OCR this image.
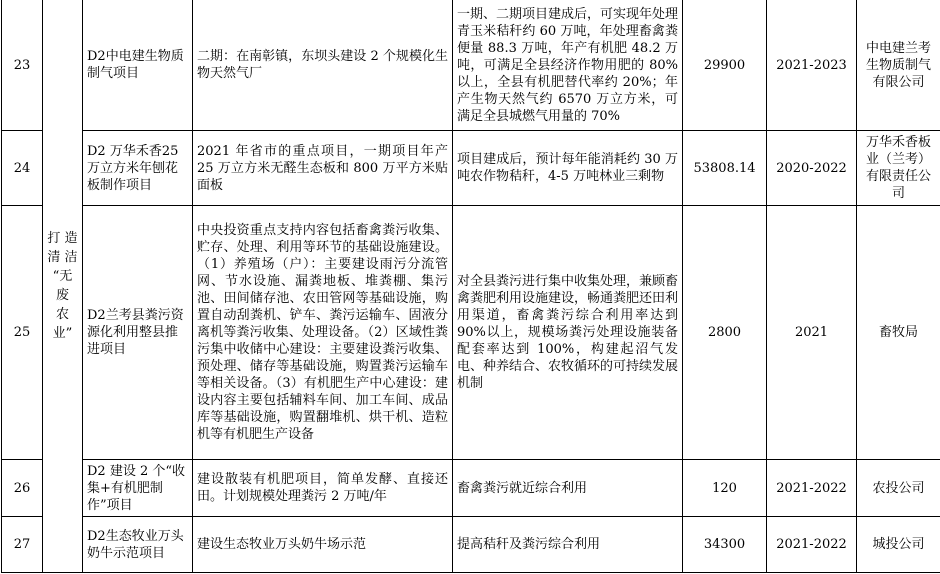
23	打 造
清 洁
“无废
农业”	D2中电建生物质制气项目	二期：在南彰镇，东坝头建设 2 个规模化生物天然气厂	一期、二期项目建成后，可实现年处理青玉米秸秆约 60 万吨，年处理畜禽粪便量 88.3 万吨，年产有机肥 48.2 万吨，可满足全县经济作物用肥的 80%以上，全县有机肥替代率约 20%；年产生物天然气约 6570 万立方米，可满足全县城燃气用量的 70%	29900	2021-2023	中电建兰考生物质制气有限公司
24		D2 万华禾香25万立方米年刨花板制作项目	2021 年省市的重点项目，一期项目年产 25 万立方米无醛生态板和 800 万平方米贴面板	项目建成后，预计每年能消耗约 30 万吨农作物秸秆，4-5 万吨林业三剩物	53808.14	2020-2022	万华禾香板业（兰考）有限责任公司
25		D2兰考县粪污资源化利用整县推进项目	中央投资重点支持内容包括畜禽粪污收集、贮存、处理、利用等环节的基础设施建设。（1）养殖场（户）：主要建设雨污分流管网、节水设施、漏粪地板、堆粪棚、集污池、田间储存池、农田管网等基础设施，购置自动刮粪机、铲车、粪污运输车、固液分离机等粪污收集、处理设备。（2）区域性粪污集中收储中心建设：主要建设粪污收集、预处理、储存等基础设施，购置粪污运输车等相关设备。（3）有机肥生产中心建设：建设内容主要包括辅料车间、加工车间、成品库等基础设施，购置翻堆机、烘干机、造粒机等有机肥生产设备	对全县粪污进行集中收集处理，兼顾畜禽粪肥利用设施建设，畅通粪肥还田利用渠道，畜禽粪污综合利用率达到 90%以上，规模场粪污处理设施装备配套率达到 100%，构建起沼气发电、种养结合、农牧循环的可持续发展机制	2800	2021	畜牧局
26		D2 建设 2 个“收集+有机肥制作”项目	建设散装有机肥项目，简单发酵、直接还田。计划规模处理粪污 2 万吨/年	畜禽粪污就近综合利用	120	2021-2022	农投公司
27		D2生态牧业万头奶牛示范项目	建设生态牧业万头奶牛场示范	提高秸秆及粪污综合利用	34300	2021-2022	城投公司
